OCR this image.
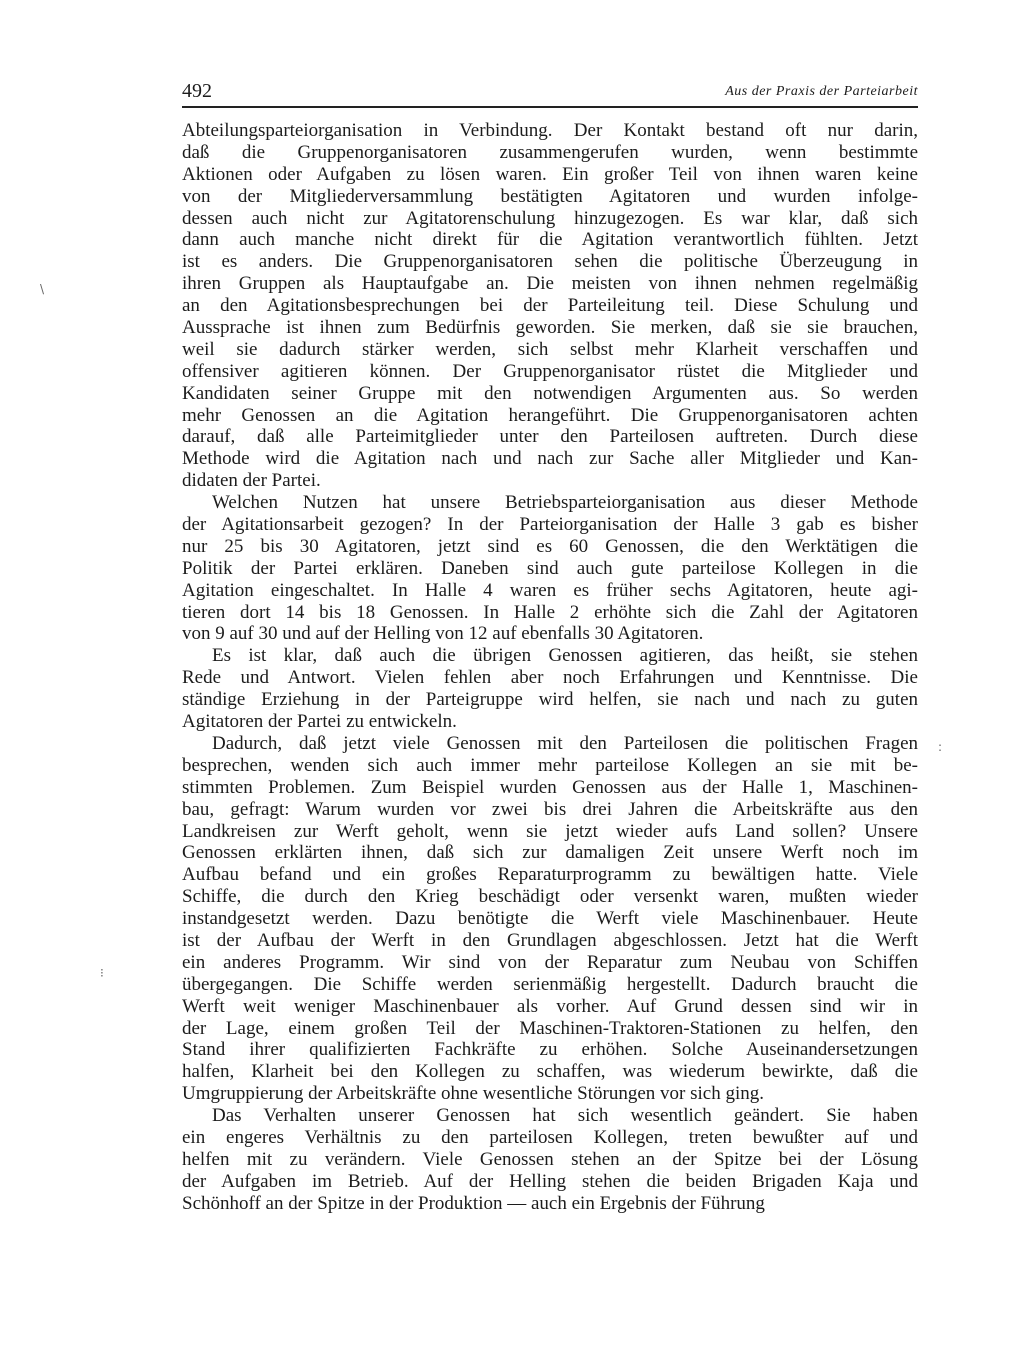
492	Aus der Praxis der Parteiarbeit

Abteilungsparteiorganisation in Verbindung. Der Kontakt bestand oft nur darin,
daß die Gruppenorganisatoren zusammengerufen wurden, wenn bestimmte
Aktionen oder Aufgaben zu lösen waren. Ein großer Teil von ihnen waren keine
von der Mitgliederversammlung bestätigten Agitatoren und wurden infolge-
dessen auch nicht zur Agitatorenschulung hinzugezogen. Es war klar, daß sich
dann auch manche nicht direkt für die Agitation verantwortlich fühlten. Jetzt
ist es anders. Die Gruppenorganisatoren sehen die politische Überzeugung in
ihren Gruppen als Hauptaufgabe an. Die meisten von ihnen nehmen regelmäßig
an den Agitationsbesprechungen bei der Parteileitung teil. Diese Schulung und
Aussprache ist ihnen zum Bedürfnis geworden. Sie merken, daß sie sie brauchen,
weil sie dadurch stärker werden, sich selbst mehr Klarheit verschaffen und
offensiver agitieren können. Der Gruppenorganisator rüstet die Mitglieder und
Kandidaten seiner Gruppe mit den notwendigen Argumenten aus. So werden
mehr Genossen an die Agitation herangeführt. Die Gruppenorganisatoren achten
darauf, daß alle Parteimitglieder unter den Parteilosen auftreten. Durch diese
Methode wird die Agitation nach und nach zur Sache aller Mitglieder und Kan-
didaten der Partei.

Welchen Nutzen hat unsere Betriebsparteiorganisation aus dieser Methode
der Agitationsarbeit gezogen? In der Parteiorganisation der Halle 3 gab es bisher
nur 25 bis 30 Agitatoren, jetzt sind es 60 Genossen, die den Werktätigen die
Politik der Partei erklären. Daneben sind auch gute parteilose Kollegen in die
Agitation eingeschaltet. In Halle 4 waren es früher sechs Agitatoren, heute agi-
tieren dort 14 bis 18 Genossen. In Halle 2 erhöhte sich die Zahl der Agitatoren
von 9 auf 30 und auf der Helling von 12 auf ebenfalls 30 Agitatoren.

Es ist klar, daß auch die übrigen Genossen agitieren, das heißt, sie stehen
Rede und Antwort. Vielen fehlen aber noch Erfahrungen und Kenntnisse. Die
ständige Erziehung in der Parteigruppe wird helfen, sie nach und nach zu guten
Agitatoren der Partei zu entwickeln.

Dadurch, daß jetzt viele Genossen mit den Parteilosen die politischen Fragen
besprechen, wenden sich auch immer mehr parteilose Kollegen an sie mit be-
stimmten Problemen. Zum Beispiel wurden Genossen aus der Halle 1, Maschinen-
bau, gefragt: Warum wurden vor zwei bis drei Jahren die Arbeitskräfte aus den
Landkreisen zur Werft geholt, wenn sie jetzt wieder aufs Land sollen? Unsere
Genossen erklärten ihnen, daß sich zur damaligen Zeit unsere Werft noch im
Aufbau befand und ein großes Reparaturprogramm zu bewältigen hatte. Viele
Schiffe, die durch den Krieg beschädigt oder versenkt waren, mußten wieder
instandgesetzt werden. Dazu benötigte die Werft viele Maschinenbauer. Heute
ist der Aufbau der Werft in den Grundlagen abgeschlossen. Jetzt hat die Werft
ein anderes Programm. Wir sind von der Reparatur zum Neubau von Schiffen
übergegangen. Die Schiffe werden serienmäßig hergestellt. Dadurch braucht die
Werft weit weniger Maschinenbauer als vorher. Auf Grund dessen sind wir in
der Lage, einem großen Teil der Maschinen-Traktoren-Stationen zu helfen, den
Stand ihrer qualifizierten Fachkräfte zu erhöhen. Solche Auseinandersetzungen
halfen, Klarheit bei den Kollegen zu schaffen, was wiederum bewirkte, daß die
Umgruppierung der Arbeitskräfte ohne wesentliche Störungen vor sich ging.

Das Verhalten unserer Genossen hat sich wesentlich geändert. Sie haben
ein engeres Verhältnis zu den parteilosen Kollegen, treten bewußter auf und
helfen mit zu verändern. Viele Genossen stehen an der Spitze bei der Lösung
der Aufgaben im Betrieb. Auf der Helling stehen die beiden Brigaden Kaja und
Schönhoff an der Spitze in der Produktion — auch ein Ergebnis der Führung

\
⁝
:
